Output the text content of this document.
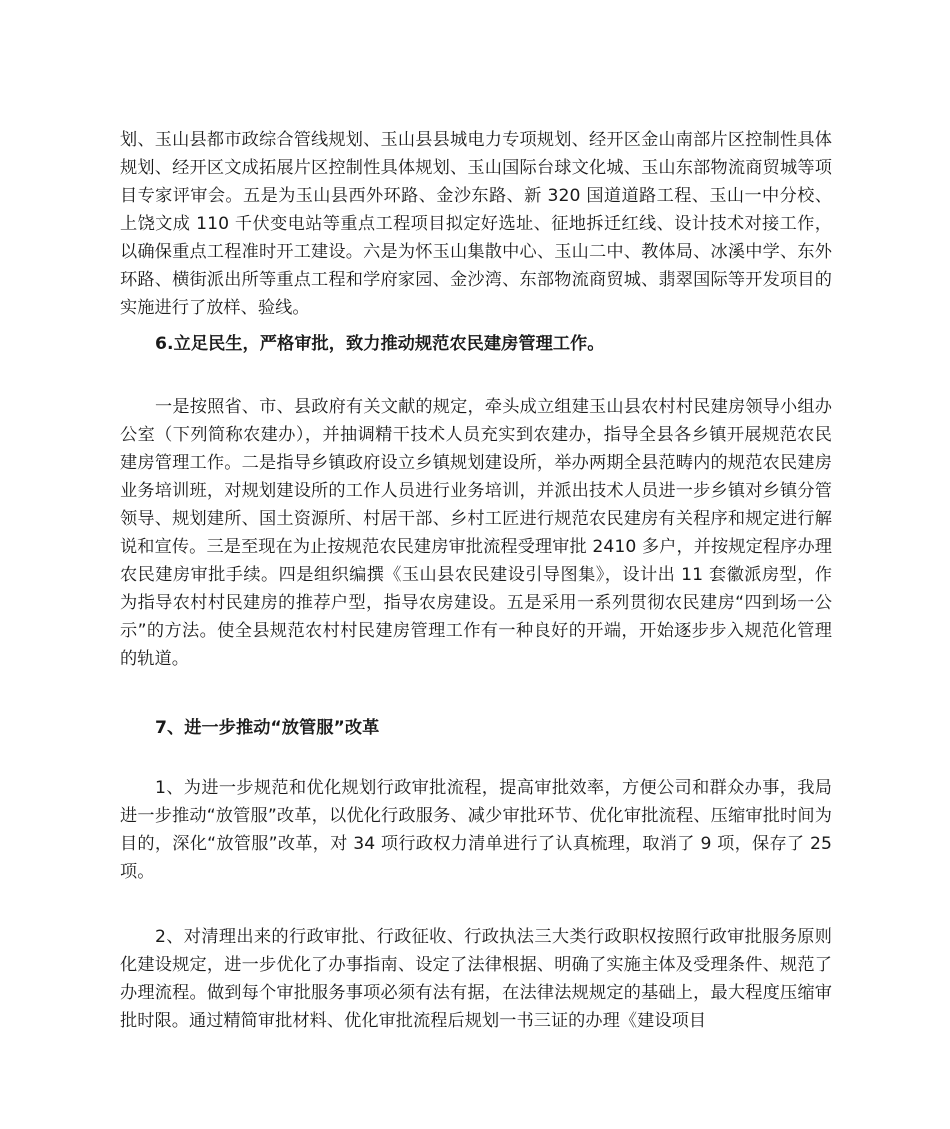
划、玉山县都市政综合管线规划、玉山县县城电力专项规划、经开区金山南部片区控制性具体规划、经开区文成拓展片区控制性具体规划、玉山国际台球文化城、玉山东部物流商贸城等项目专家评审会。五是为玉山县西外环路、金沙东路、新 320 国道道路工程、玉山一中分校、上饶文成 110 千伏变电站等重点工程项目拟定好选址、征地拆迁红线、设计技术对接工作，以确保重点工程准时开工建设。六是为怀玉山集散中心、玉山二中、教体局、冰溪中学、东外环路、横街派出所等重点工程和学府家园、金沙湾、东部物流商贸城、翡翠国际等开发项目的实施进行了放样、验线。

6.立足民生，严格审批，致力推动规范农民建房管理工作。

一是按照省、市、县政府有关文献的规定，牵头成立组建玉山县农村村民建房领导小组办公室（下列简称农建办），并抽调精干技术人员充实到农建办，指导全县各乡镇开展规范农民建房管理工作。二是指导乡镇政府设立乡镇规划建设所，举办两期全县范畴内的规范农民建房业务培训班，对规划建设所的工作人员进行业务培训，并派出技术人员进一步乡镇对乡镇分管领导、规划建所、国土资源所、村居干部、乡村工匠进行规范农民建房有关程序和规定进行解说和宣传。三是至现在为止按规范农民建房审批流程受理审批 2410 多户，并按规定程序办理农民建房审批手续。四是组织编撰《玉山县农民建设引导图集》，设计出 11 套徽派房型，作为指导农村村民建房的推荐户型，指导农房建设。五是采用一系列贯彻农民建房“四到场一公示”的方法。使全县规范农村村民建房管理工作有一种良好的开端，开始逐步步入规范化管理的轨道。

7、进一步推动“放管服”改革

1、为进一步规范和优化规划行政审批流程，提高审批效率，方便公司和群众办事，我局进一步推动“放管服”改革，以优化行政服务、减少审批环节、优化审批流程、压缩审批时间为目的，深化“放管服”改革，对 34 项行政权力清单进行了认真梳理，取消了 9 项，保存了 25 项。

2、对清理出来的行政审批、行政征收、行政执法三大类行政职权按照行政审批服务原则化建设规定，进一步优化了办事指南、设定了法律根据、明确了实施主体及受理条件、规范了办理流程。做到每个审批服务事项必须有法有据，在法律法规规定的基础上，最大程度压缩审批时限。通过精简审批材料、优化审批流程后规划一书三证的办理《建设项目
